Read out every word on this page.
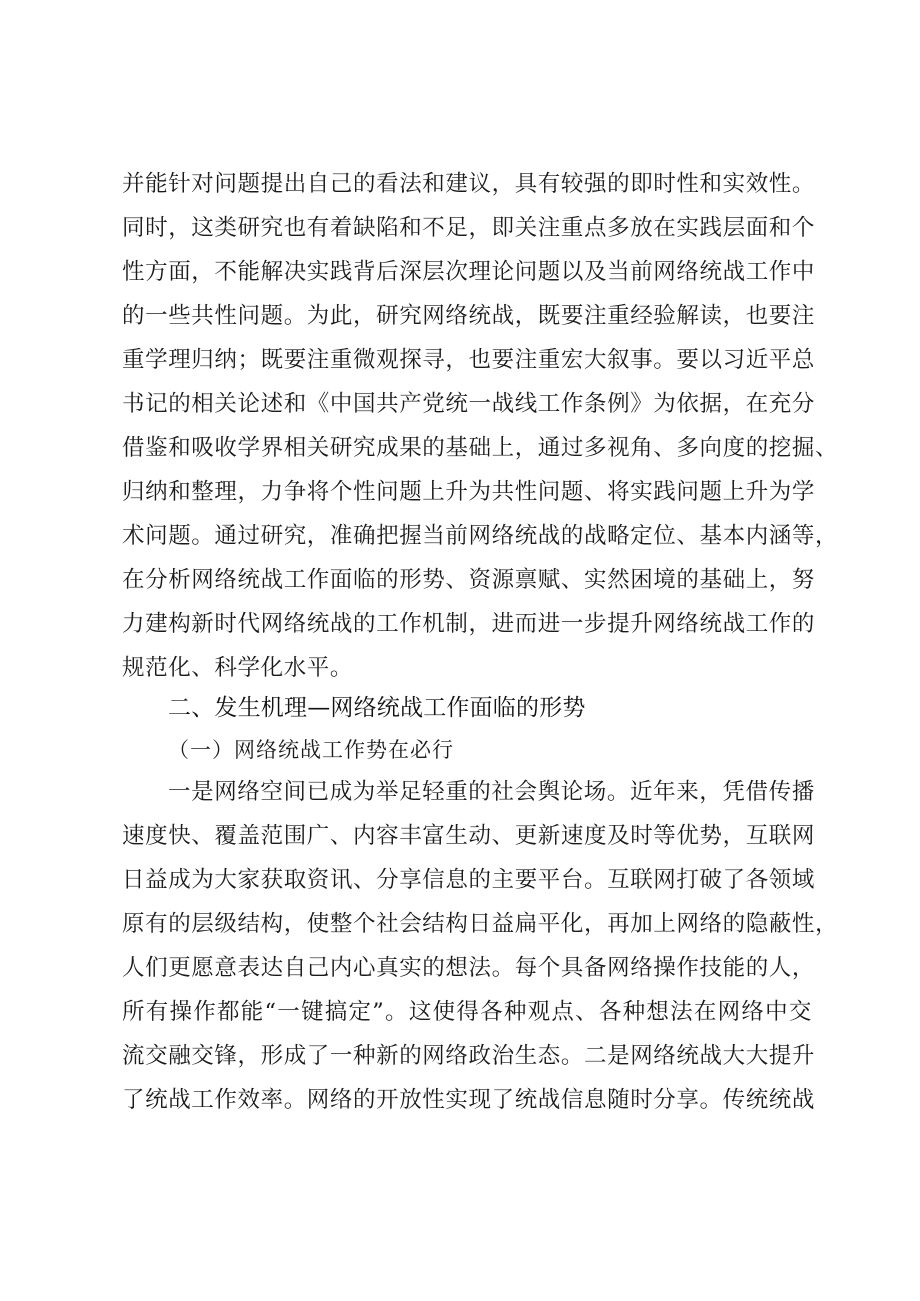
并能针对问题提出自己的看法和建议，具有较强的即时性和实效性。
同时，这类研究也有着缺陷和不足，即关注重点多放在实践层面和个
性方面，不能解决实践背后深层次理论问题以及当前网络统战工作中
的一些共性问题。为此，研究网络统战，既要注重经验解读，也要注
重学理归纳；既要注重微观探寻，也要注重宏大叙事。要以习近平总
书记的相关论述和《中国共产党统一战线工作条例》为依据，在充分
借鉴和吸收学界相关研究成果的基础上，通过多视角、多向度的挖掘、
归纳和整理，力争将个性问题上升为共性问题、将实践问题上升为学
术问题。通过研究，准确把握当前网络统战的战略定位、基本内涵等，
在分析网络统战工作面临的形势、资源禀赋、实然困境的基础上，努
力建构新时代网络统战的工作机制，进而进一步提升网络统战工作的
规范化、科学化水平。
二、发生机理—网络统战工作面临的形势
（一）网络统战工作势在必行
一是网络空间已成为举足轻重的社会舆论场。近年来，凭借传播
速度快、覆盖范围广、内容丰富生动、更新速度及时等优势，互联网
日益成为大家获取资讯、分享信息的主要平台。互联网打破了各领域
原有的层级结构，使整个社会结构日益扁平化，再加上网络的隐蔽性，
人们更愿意表达自己内心真实的想法。每个具备网络操作技能的人，
所有操作都能“一键搞定”。这使得各种观点、各种想法在网络中交
流交融交锋，形成了一种新的网络政治生态。二是网络统战大大提升
了统战工作效率。网络的开放性实现了统战信息随时分享。传统统战
